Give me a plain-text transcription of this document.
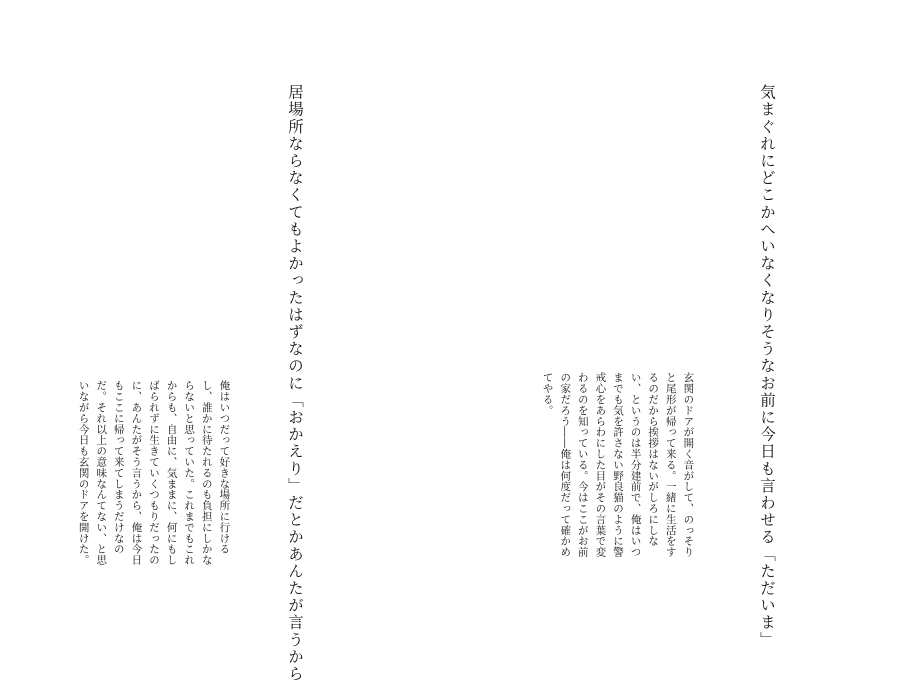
気まぐれにどこかへいなくなりそうなお前に今日も言わせる「ただいま」
玄関のドアが開く音がして、のっそり
と尾形が帰って来る。一緒に生活をす
るのだから挨拶はないがしろにしな
い、というのは半分建前で、俺はいつ
までも気を許さない野良猫のように警
戒心をあらわにした目がその言葉で変
わるのを知っている。今はここがお前
の家だろう――俺は何度だって確かめ
てやる。
居場所ならなくてもよかったはずなのに「おかえり」だとかあんたが言うから
俺はいつだって好きな場所に行ける
し、誰かに待たれるのも負担にしかな
らないと思っていた。これまでもこれ
からも、自由に、気ままに、何にもし
ばられずに生きていくつもりだったの
に、あんたがそう言うから、俺は今日
もここに帰って来てしまうだけなの
だ。それ以上の意味なんてない、と思
いながら今日も玄関のドアを開けた。
